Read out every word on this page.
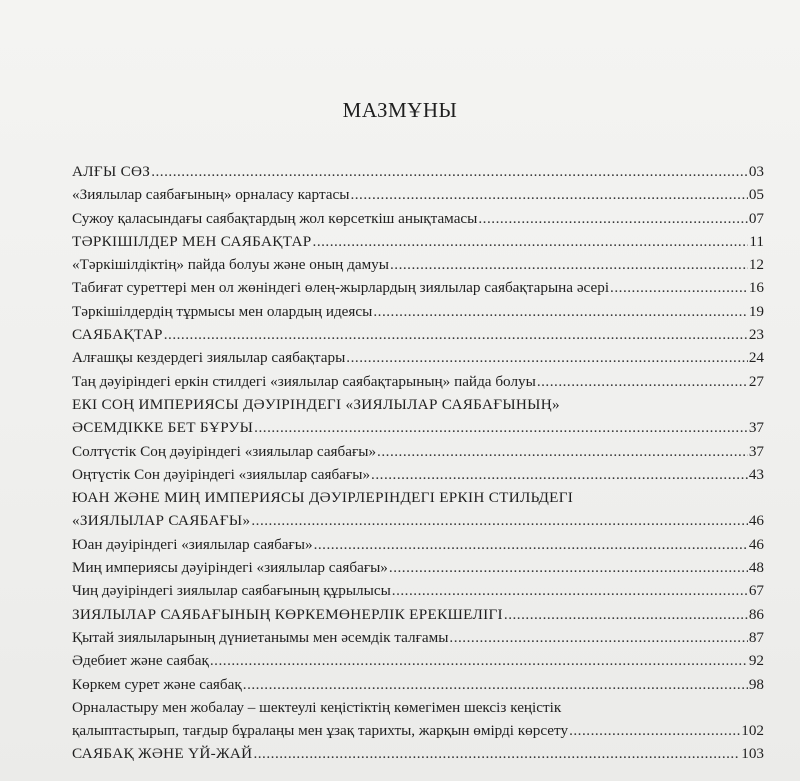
МАЗМҰНЫ
АЛҒЫ СӨЗ .....	03
«Зиялылар саябағының» орналасу картасы .....	05
Сужоу қаласындағы саябақтардың жол көрсеткіш анықтамасы .....	07
ТӘРКІШІЛДЕР МЕН САЯБАҚТАР .....	11
«Тәркішілдіктің» пайда болуы және оның дамуы .....	12
Табиғат суреттері мен ол жөніндегі өлең-жырлардың зиялылар саябақтарына әсері .....	16
Тәркішілдердің тұрмысы мен олардың идеясы .....	19
САЯБАҚТАР .....	23
Алғашқы кездердегі зиялылар саябақтары .....	24
Таң дәуіріндегі еркін стилдегі «зиялылар саябақтарының» пайда болуы .....	27
ЕКІ СОҢ ИМПЕРИЯСЫ ДӘУІРІНДЕГІ «ЗИЯЛЫЛАР САЯБАҒЫНЫҢ»
ӘСЕМДІККЕ БЕТ БҰРУЫ .....	37
Солтүстік Соң дәуіріндегі «зиялылар саябағы» .....	37
Оңтүстік Сон дәуіріндегі «зиялылар саябағы» .....	43
ЮАН ЖӘНЕ МИҢ ИМПЕРИЯСЫ ДӘУІРЛЕРІНДЕГІ ЕРКІН СТИЛЬДЕГІ
«ЗИЯЛЫЛАР САЯБАҒЫ» .....	46
Юан дәуіріндегі «зиялылар саябағы» .....	46
Миң империясы дәуіріндегі «зиялылар саябағы» .....	48
Чиң дәуіріндегі зиялылар саябағының құрылысы .....	67
ЗИЯЛЫЛАР САЯБАҒЫНЫҢ КӨРКЕМӨНЕРЛІК ЕРЕКШЕЛІГІ .....	86
Қытай зиялыларының дүниетанымы мен әсемдік талғамы .....	87
Әдебиет және саябақ .....	92
Көркем сурет және саябақ .....	98
Орналастыру мен жобалау – шектеулі кеңістіктің көмегімен шексіз кеңістік
қалыптастырып, тағдыр бұралаңы мен ұзақ тарихты, жарқын өмірді көрсету .....	102
САЯБАҚ ЖӘНЕ ҮЙ-ЖАЙ .....	103
